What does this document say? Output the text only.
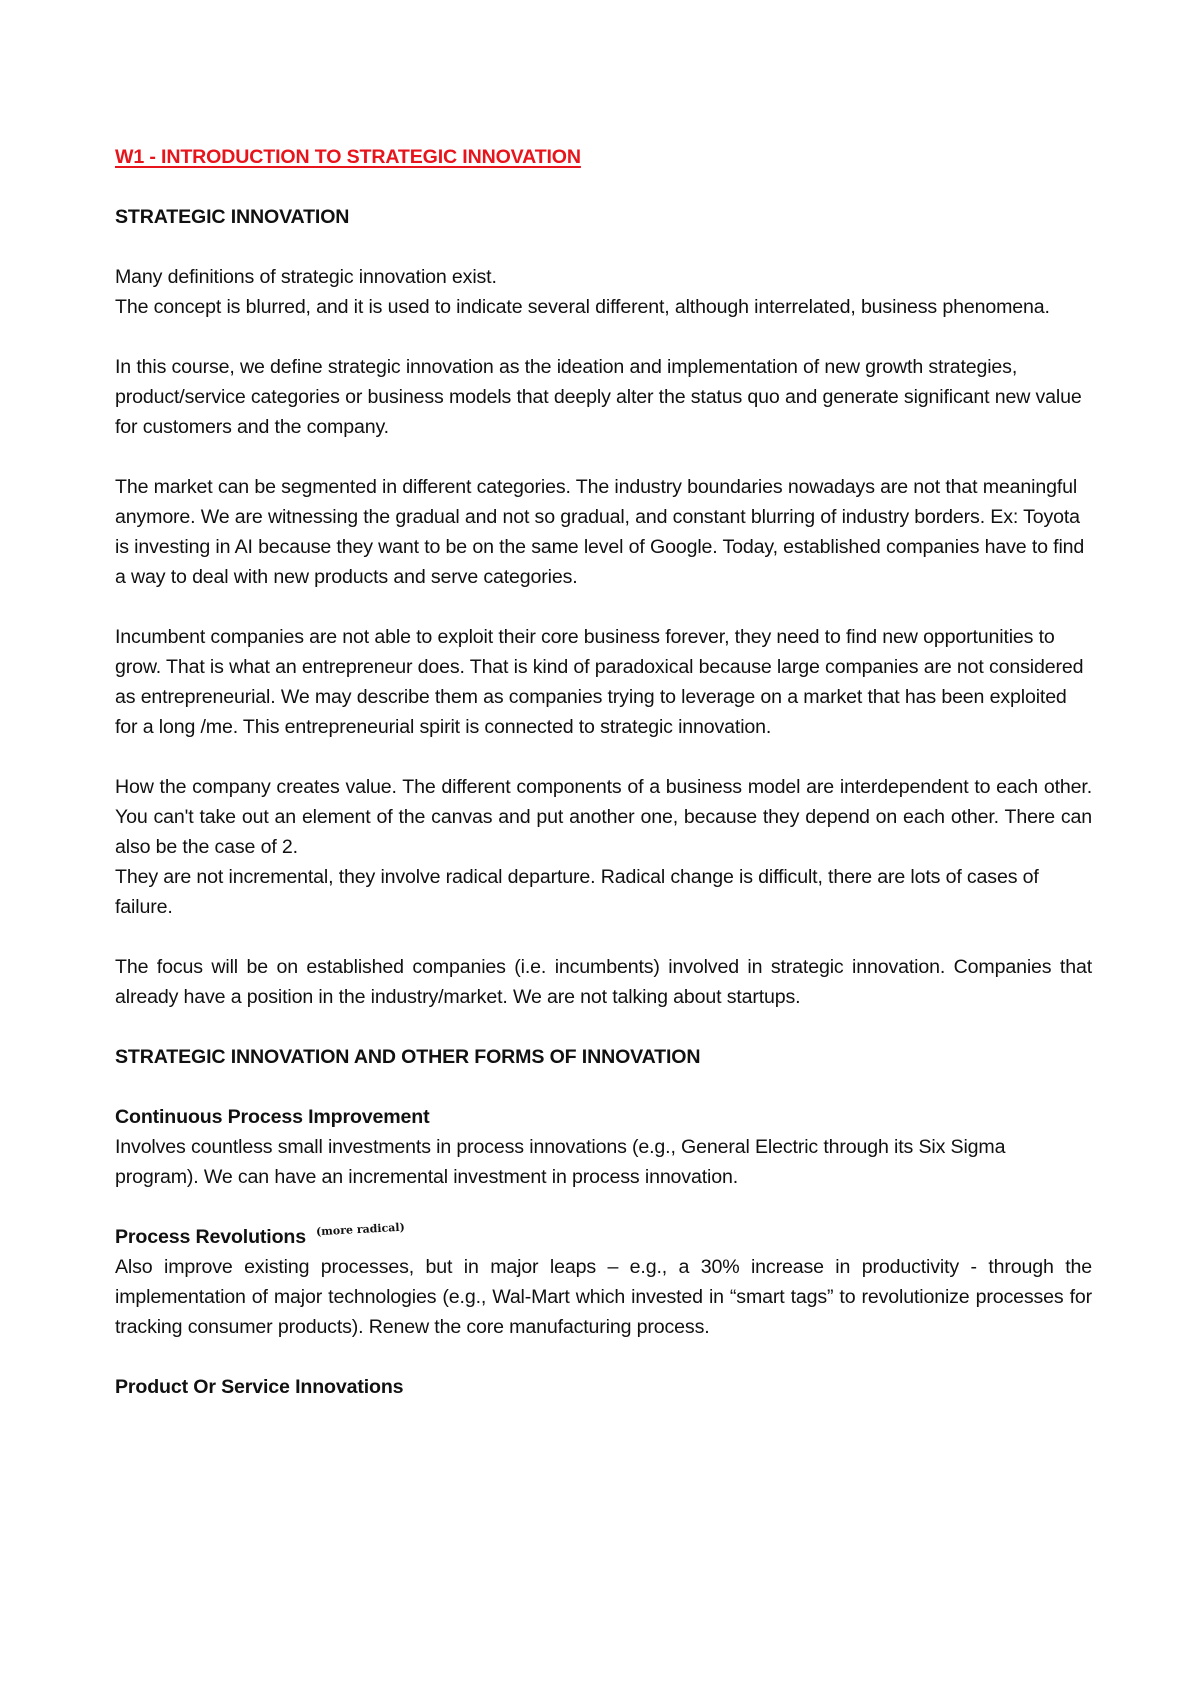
W1 - INTRODUCTION TO STRATEGIC INNOVATION

STRATEGIC INNOVATION

Many definitions of strategic innovation exist.

The concept is blurred, and it is used to indicate several different, although interrelated, business phenomena.

In this course, we define strategic innovation as the ideation and implementation of new growth strategies, product/service categories or business models that deeply alter the status quo and generate significant new value for customers and the company.

The market can be segmented in different categories. The industry boundaries nowadays are not that meaningful anymore. We are witnessing the gradual and not so gradual, and constant blurring of industry borders. Ex: Toyota is investing in AI because they want to be on the same level of Google. Today, established companies have to find a way to deal with new products and serve categories.

Incumbent companies are not able to exploit their core business forever, they need to find new opportunities to grow. That is what an entrepreneur does. That is kind of paradoxical because large companies are not considered as entrepreneurial. We may describe them as companies trying to leverage on a market that has been exploited for a long /me. This entrepreneurial spirit is connected to strategic innovation.

How the company creates value. The different components of a business model are interdependent to each other. You can't take out an element of the canvas and put another one, because they depend on each other. There can also be the case of 2.

They are not incremental, they involve radical departure. Radical change is difficult, there are lots of cases of failure.

The focus will be on established companies (i.e. incumbents) involved in strategic innovation. Companies that already have a position in the industry/market. We are not talking about startups.

STRATEGIC INNOVATION AND OTHER FORMS OF INNOVATION

Continuous Process Improvement

Involves countless small investments in process innovations (e.g., General Electric through its Six Sigma program). We can have an incremental investment in process innovation.

Process Revolutions (more radical)

Also improve existing processes, but in major leaps – e.g., a 30% increase in productivity - through the implementation of major technologies (e.g., Wal-Mart which invested in “smart tags” to revolutionize processes for tracking consumer products). Renew the core manufacturing process.

Product Or Service Innovations
